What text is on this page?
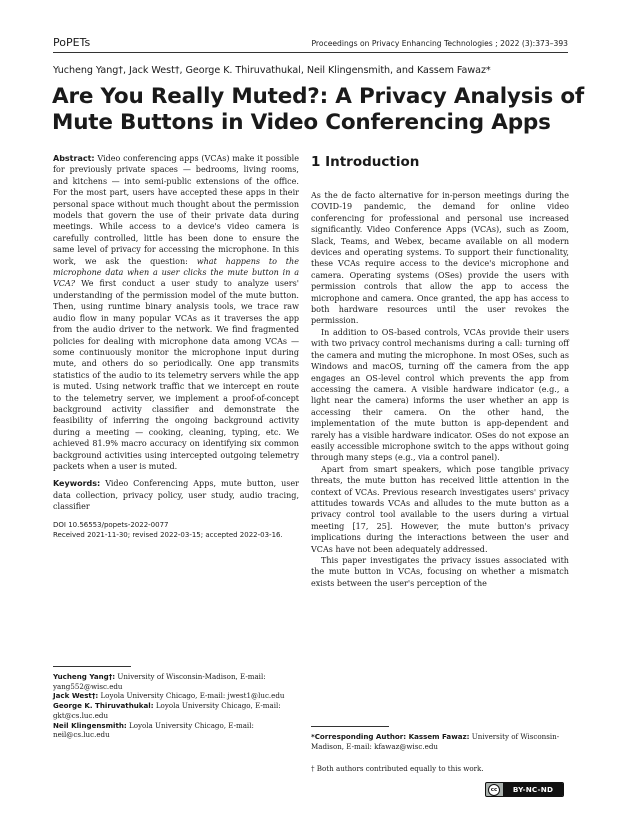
PoPETs	Proceedings on Privacy Enhancing Technologies ; 2022 (3):373–393
Yucheng Yang†, Jack West†, George K. Thiruvathukal, Neil Klingensmith, and Kassem Fawaz*
Are You Really Muted?: A Privacy Analysis of Mute Buttons in Video Conferencing Apps

Abstract: Video conferencing apps (VCAs) make it possible for previously private spaces — bedrooms, living rooms, and kitchens — into semi-public extensions of the office. For the most part, users have accepted these apps in their personal space without much thought about the permission models that govern the use of their private data during meetings. While access to a device's video camera is carefully controlled, little has been done to ensure the same level of privacy for accessing the microphone. In this work, we ask the question: what happens to the microphone data when a user clicks the mute button in a VCA? We first conduct a user study to analyze users' understanding of the permission model of the mute button. Then, using runtime binary analysis tools, we trace raw audio flow in many popular VCAs as it traverses the app from the audio driver to the network. We find fragmented policies for dealing with microphone data among VCAs — some continuously monitor the microphone input during mute, and others do so periodically. One app transmits statistics of the audio to its telemetry servers while the app is muted. Using network traffic that we intercept en route to the telemetry server, we implement a proof-of-concept background activity classifier and demonstrate the feasibility of inferring the ongoing background activity during a meeting — cooking, cleaning, typing, etc. We achieved 81.9% macro accuracy on identifying six common background activities using intercepted outgoing telemetry packets when a user is muted.

Keywords: Video Conferencing Apps, mute button, user data collection, privacy policy, user study, audio tracing, classifier

DOI 10.56553/popets-2022-0077
Received 2021-11-30; revised 2022-03-15; accepted 2022-03-16.

Yucheng Yang†: University of Wisconsin-Madison, E-mail: yang552@wisc.edu
Jack West†: Loyola University Chicago, E-mail: jwest1@luc.edu
George K. Thiruvathukal: Loyola University Chicago, E-mail: gkt@cs.luc.edu
Neil Klingensmith: Loyola University Chicago, E-mail: neil@cs.luc.edu
1 Introduction

As the de facto alternative for in-person meetings during the COVID-19 pandemic, the demand for online video conferencing for professional and personal use increased significantly. Video Conference Apps (VCAs), such as Zoom, Slack, Teams, and Webex, became available on all modern devices and operating systems. To support their functionality, these VCAs require access to the device's microphone and camera. Operating systems (OSes) provide the users with permission controls that allow the app to access the microphone and camera. Once granted, the app has access to both hardware resources until the user revokes the permission.

In addition to OS-based controls, VCAs provide their users with two privacy control mechanisms during a call: turning off the camera and muting the microphone. In most OSes, such as Windows and macOS, turning off the camera from the app engages an OS-level control which prevents the app from accessing the camera. A visible hardware indicator (e.g., a light near the camera) informs the user whether an app is accessing their camera. On the other hand, the implementation of the mute button is app-dependent and rarely has a visible hardware indicator. OSes do not expose an easily accessible microphone switch to the apps without going through many steps (e.g., via a control panel).

Apart from smart speakers, which pose tangible privacy threats, the mute button has received little attention in the context of VCAs. Previous research investigates users' privacy attitudes towards VCAs and alludes to the mute button as a privacy control tool available to the users during a virtual meeting [17, 25]. However, the mute button's privacy implications during the interactions between the user and VCAs have not been adequately addressed.

This paper investigates the privacy issues associated with the mute button in VCAs, focusing on whether a mismatch exists between the user's perception of the

*Corresponding Author: Kassem Fawaz: University of Wisconsin-Madison, E-mail: kfawaz@wisc.edu
† Both authors contributed equally to this work.
cc	BY-NC-ND
